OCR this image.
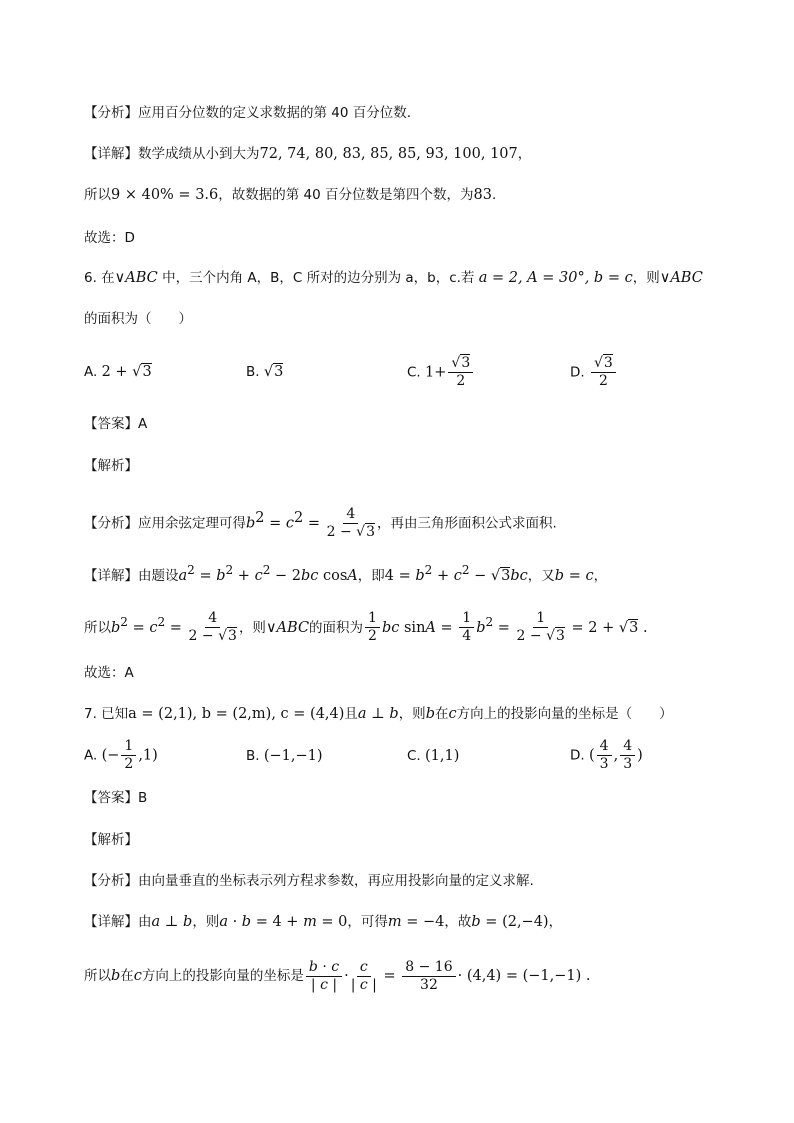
【分析】应用百分位数的定义求数据的第 40 百分位数.
【详解】数学成绩从小到大为72, 74, 80, 83, 85, 85, 93, 100, 107，
所以9 × 40% = 3.6，故数据的第 40 百分位数是第四个数，为83.
故选：D
6. 在∨ABC 中，三个内角 A，B，C 所对的边分别为 a，b，c.若 a = 2, A = 30°, b = c，则∨ABC
的面积为（　　）
A. 2 + √3	B. √3	C. $1+ \frac{√3}{2}$	D. $\frac{√3}{2}$
【答案】A
【解析】
【分析】应用余弦定理可得$b^2 = c^2 = \frac{4}{2 - √3}$ ，再由三角形面积公式求面积.
【详解】由题设$a^2 = b^2 + c^2 - 2bc$ cosA，即$4 = b^2 + c^2 - √3bc$，又b = c，
所以$b^2 = c^2 = \frac{4}{2 - √3}$ ，则∨ABC的面积为 $\frac{1}{2}$ bc $\sin A = \frac{1}{4} b^2 = \frac{1}{2 - √3} = 2 + √3$ .
故选：A
7. 已知a = (2,1), b = (2,m), c = (4,4)且a ⊥ b，则b在c方向上的投影向量的坐标是（　　）
A. (− $\frac{1}{2} ,1$)	B. (−1,−1)	C. (1,1)	D. ( $\frac{4}{3}$ , $\frac{4}{3}$ )
【答案】B
【解析】
【分析】由向量垂直的坐标表示列方程求参数，再应用投影向量的定义求解.
【详解】由a ⊥ b，则a · b = 4 + m = 0，可得m = −4，故b = (2,−4)，
所以b在c方向上的投影向量的坐标是 $\frac{b \cdot c}{| c |} \cdot \frac{c}{| c |} = \frac{8 - 16}{32} \cdot (4,4) = (-1,-1)$ .
